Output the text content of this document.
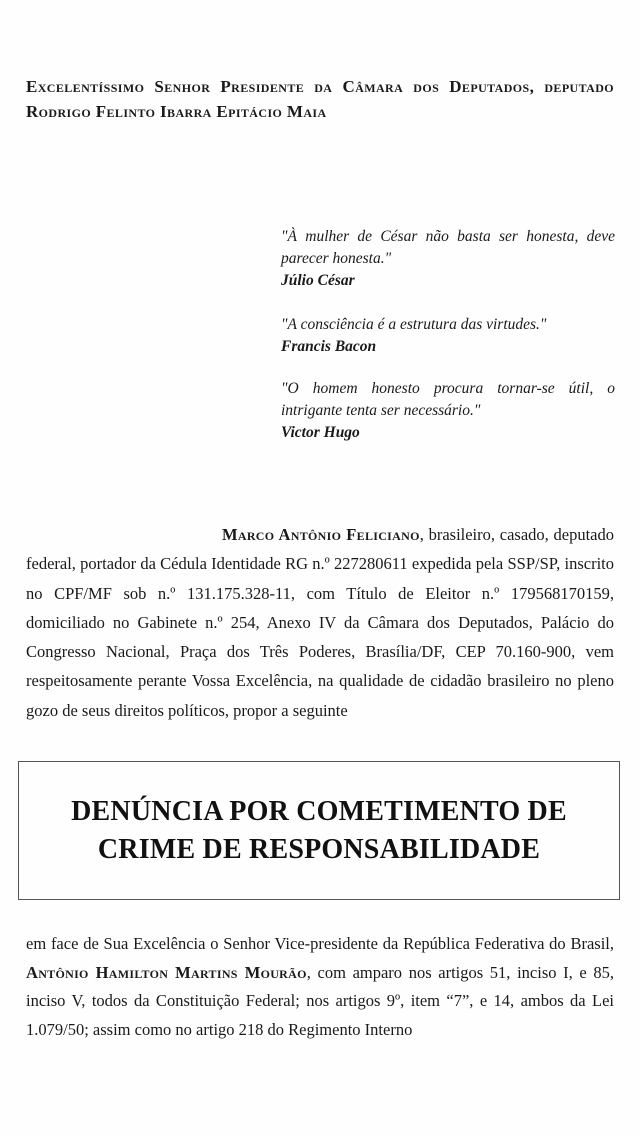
Excelentíssimo Senhor Presidente da Câmara dos Deputados, deputado Rodrigo Felinto Ibarra Epitácio Maia
"À mulher de César não basta ser honesta, deve parecer honesta."
Júlio César
"A consciência é a estrutura das virtudes."
Francis Bacon
"O homem honesto procura tornar-se útil, o intrigante tenta ser necessário."
Victor Hugo
Marco Antônio Feliciano, brasileiro, casado, deputado federal, portador da Cédula Identidade RG n.º 227280611 expedida pela SSP/SP, inscrito no CPF/MF sob n.º 131.175.328-11, com Título de Eleitor n.º 179568170159, domiciliado no Gabinete n.º 254, Anexo IV da Câmara dos Deputados, Palácio do Congresso Nacional, Praça dos Três Poderes, Brasília/DF, CEP 70.160-900, vem respeitosamente perante Vossa Excelência, na qualidade de cidadão brasileiro no pleno gozo de seus direitos políticos, propor a seguinte
DENÚNCIA POR COMETIMENTO DE
CRIME DE RESPONSABILIDADE
em face de Sua Excelência o Senhor Vice-presidente da República Federativa do Brasil, Antônio Hamilton Martins Mourão, com amparo nos artigos 51, inciso I, e 85, inciso V, todos da Constituição Federal; nos artigos 9º, item “7”, e 14, ambos da Lei 1.079/50; assim como no artigo 218 do Regimento Interno
